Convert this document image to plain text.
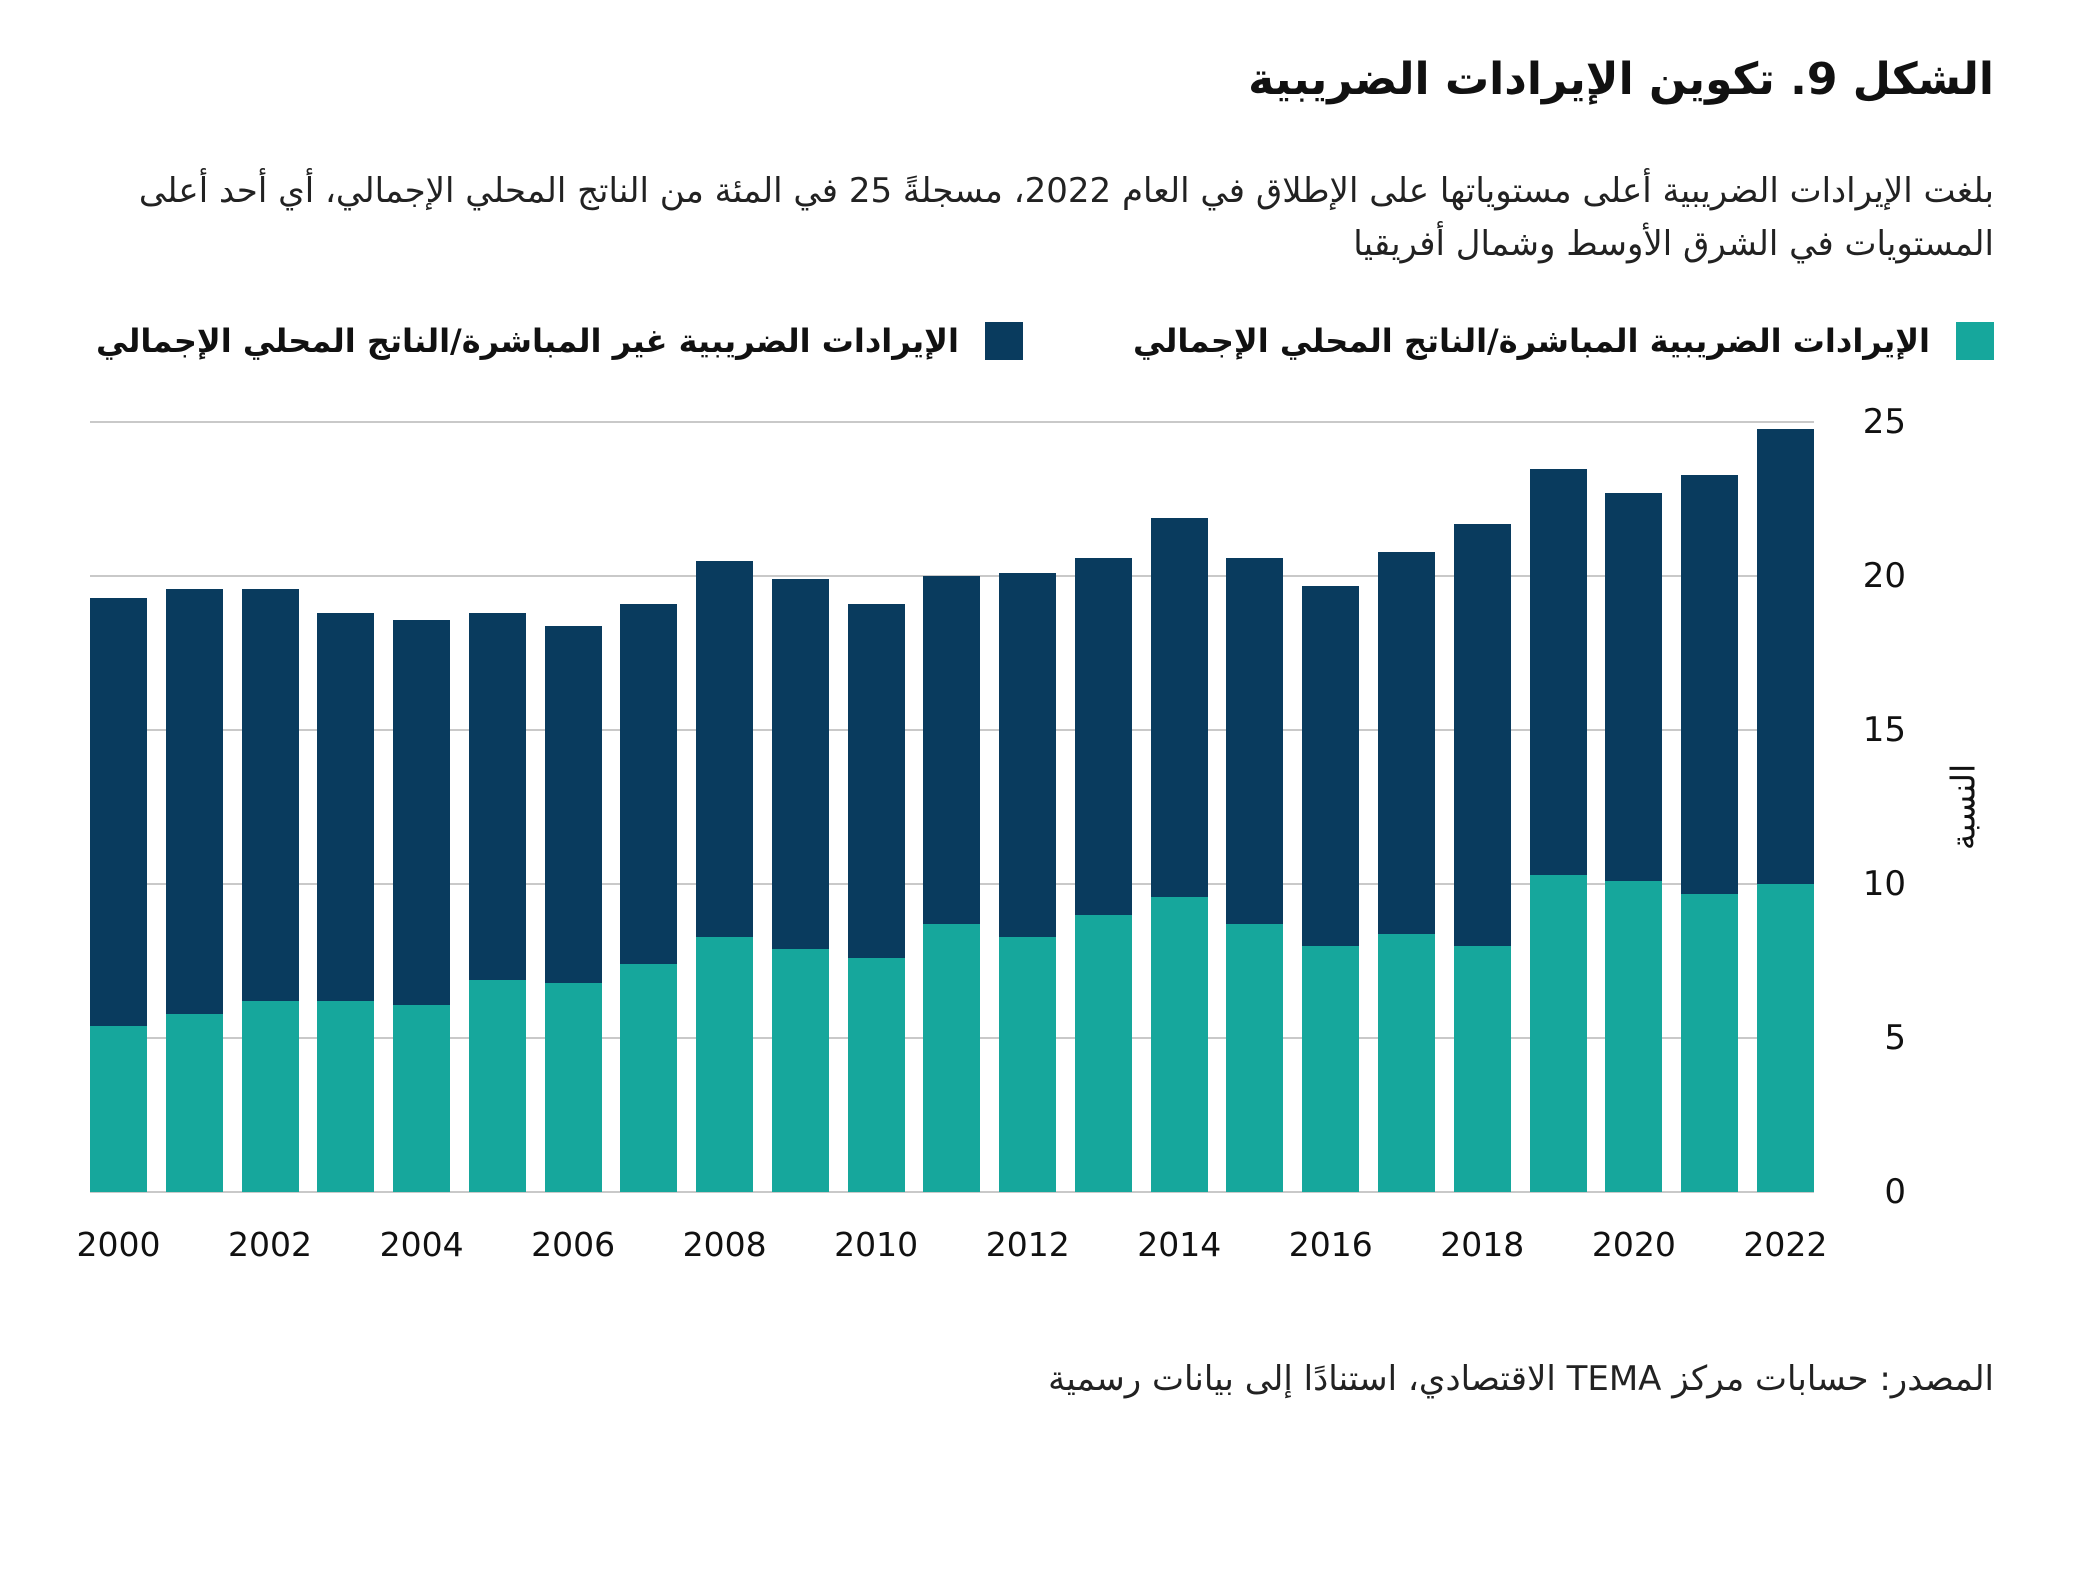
الشكل 9. تكوين الإيرادات الضريبية

بلغت الإيرادات الضريبية أعلى مستوياتها على الإطلاق في العام 2022، مسجلةً 25 في المئة من الناتج المحلي الإجمالي، أي أحد أعلى المستويات في الشرق الأوسط وشمال أفريقيا

الإيرادات الضريبية المباشرة/الناتج المحلي الإجمالي
الإيرادات الضريبية غير المباشرة/الناتج المحلي الإجمالي
النسبة
0
5
10
15
20
25
2000 2002 2004 2006 2008 2010 2012 2014 2016 2018 2020 2022

المصدر: حسابات مركز TEMA الاقتصادي، استنادًا إلى بيانات رسمية
